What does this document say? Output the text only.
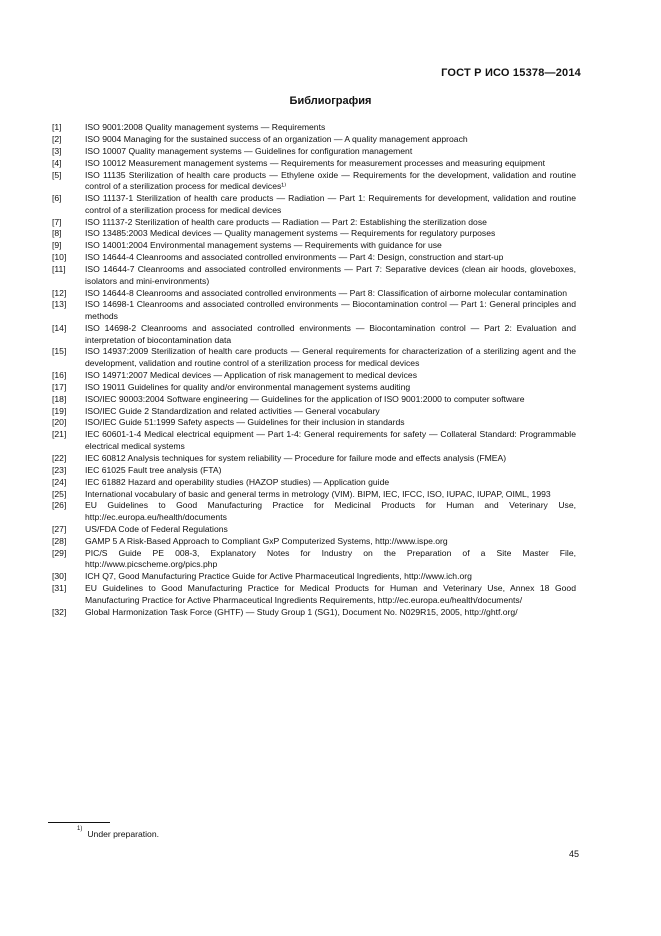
ГОСТ Р ИСО 15378—2014
Библиография
[1]	ISO 9001:2008 Quality management systems — Requirements
[2]	ISO 9004 Managing for the sustained success of an organization — A quality management approach
[3]	ISO 10007 Quality management systems — Guidelines for configuration management
[4]	ISO 10012 Measurement management systems — Requirements for measurement processes and measuring equipment
[5]	ISO 11135 Sterilization of health care products — Ethylene oxide — Requirements for the development, validation and routine control of a sterilization process for medical devices¹⁾
[6]	ISO 11137-1 Sterilization of health care products — Radiation — Part 1: Requirements for development, validation and routine control of a sterilization process for medical devices
[7]	ISO 11137-2 Sterilization of health care products — Radiation — Part 2: Establishing the sterilization dose
[8]	ISO 13485:2003 Medical devices — Quality management systems — Requirements for regulatory purposes
[9]	ISO 14001:2004 Environmental management systems — Requirements with guidance for use
[10]	ISO 14644-4 Cleanrooms and associated controlled environments — Part 4: Design, construction and start-up
[11]	ISO 14644-7 Cleanrooms and associated controlled environments — Part 7: Separative devices (clean air hoods, gloveboxes, isolators and mini-environments)
[12]	ISO 14644-8 Cleanrooms and associated controlled environments — Part 8: Classification of airborne molecular contamination
[13]	ISO 14698-1 Cleanrooms and associated controlled environments — Biocontamination control — Part 1: General principles and methods
[14]	ISO 14698-2 Cleanrooms and associated controlled environments — Biocontamination control — Part 2: Evaluation and interpretation of biocontamination data
[15]	ISO 14937:2009 Sterilization of health care products — General requirements for characterization of a sterilizing agent and the development, validation and routine control of a sterilization process for medical devices
[16]	ISO 14971:2007 Medical devices — Application of risk management to medical devices
[17]	ISO 19011 Guidelines for quality and/or environmental management systems auditing
[18]	ISO/IEC 90003:2004 Software engineering — Guidelines for the application of ISO 9001:2000 to computer software
[19]	ISO/IEC Guide 2 Standardization and related activities — General vocabulary
[20]	ISO/IEC Guide 51:1999 Safety aspects — Guidelines for their inclusion in standards
[21]	IEC 60601-1-4 Medical electrical equipment — Part 1-4: General requirements for safety — Collateral Standard: Programmable electrical medical systems
[22]	IEC 60812 Analysis techniques for system reliability — Procedure for failure mode and effects analysis (FMEA)
[23]	IEC 61025 Fault tree analysis (FTA)
[24]	IEC 61882 Hazard and operability studies (HAZOP studies) — Application guide
[25]	International vocabulary of basic and general terms in metrology (VIM). BIPM, IEC, IFCC, ISO, IUPAC, IUPAP, OIML, 1993
[26]	EU Guidelines to Good Manufacturing Practice for Medicinal Products for Human and Veterinary Use, http://ec.europa.eu/health/documents
[27]	US/FDA Code of Federal Regulations
[28]	GAMP 5 A Risk-Based Approach to Compliant GxP Computerized Systems, http://www.ispe.org
[29]	PIC/S Guide PE 008-3, Explanatory Notes for Industry on the Preparation of a Site Master File, http://www.picscheme.org/pics.php
[30]	ICH Q7, Good Manufacturing Practice Guide for Active Pharmaceutical Ingredients, http://www.ich.org
[31]	EU Guidelines to Good Manufacturing Practice for Medical Products for Human and Veterinary Use, Annex 18 Good Manufacturing Practice for Active Pharmaceutical Ingredients Requirements, http://ec.europa.eu/health/documents/
[32]	Global Harmonization Task Force (GHTF) — Study Group 1 (SG1), Document No. N029R15, 2005, http://ghtf.org/
$^{1)}$ Under preparation.
45
